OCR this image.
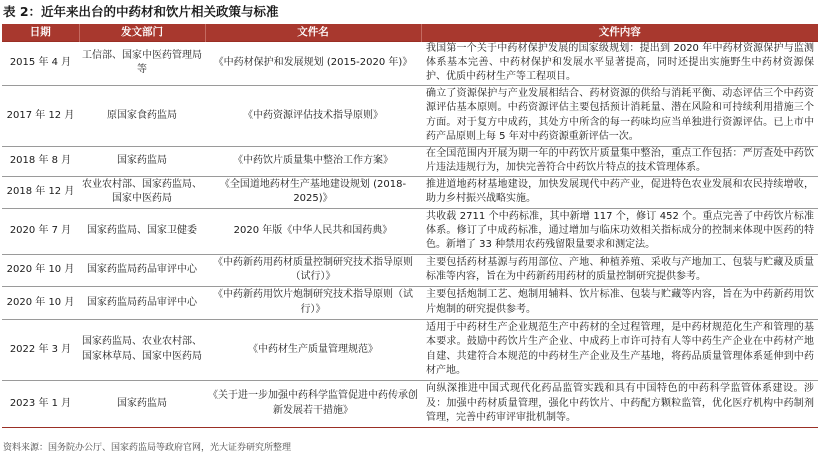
表 2：近年来出台的中药材和饮片相关政策与标准
日期	发文部门	文件名	文件内容
2015 年 4 月	工信部、国家中医药管理局等	《中药材保护和发展规划 (2015-2020 年)》	我国第一个关于中药材保护发展的国家级规划：提出到 2020 年中药材资源保护与监测体系基本完善、中药材保护和发展水平显著提高，同时还提出实施野生中药材资源保护、优质中药材生产等工程项目。
2017 年 12 月	原国家食药监局	《中药资源评估技术指导原则》	确立了资源保护与产业发展相结合、药材资源的供给与消耗平衡、动态评估三个中药资源评估基本原则。中药资源评估主要包括预计消耗量、潜在风险和可持续利用措施三个方面。对于复方中成药，其处方中所含的每一药味均应当单独进行资源评估。已上市中药产品原则上每 5 年对中药资源重新评估一次。
2018 年 8 月	国家药监局	《中药饮片质量集中整治工作方案》	在全国范围内开展为期一年的中药饮片质量集中整治，重点工作包括：严厉查处中药饮片违法违规行为，加快完善符合中药饮片特点的技术管理体系。
2018 年 12 月	农业农村部、国家药监局、国家中医药局	《全国道地药材生产基地建设规划 (2018-2025)》	推进道地药材基地建设，加快发展现代中药产业，促进特色农业发展和农民持续增收，助力乡村振兴战略实施。
2020 年 7 月	国家药监局、国家卫健委	2020 年版《中华人民共和国药典》	共收载 2711 个中药标准，其中新增 117 个，修订 452 个。重点完善了中药饮片标准体系。修订了中成药标准，通过增加与临床功效相关指标成分的控制来体现中医药的特色。新增了 33 种禁用农药残留限量要求和测定法。
2020 年 10 月	国家药监局药品审评中心	《中药新药用药材质量控制研究技术指导原则（试行）》	主要包括药材基源与药用部位、产地、种植养殖、采收与产地加工、包装与贮藏及质量标准等内容，旨在为中药新药用药材的质量控制研究提供参考。
2020 年 10 月	国家药监局药品审评中心	《中药新药用饮片炮制研究技术指导原则（试行）》	主要包括炮制工艺、炮制用辅料、饮片标准、包装与贮藏等内容，旨在为中药新药用饮片炮制的研究提供参考。
2022 年 3 月	国家药监局、农业农村部、国家林草局、国家中医药局	《中药材生产质量管理规范》	适用于中药材生产企业规范生产中药材的全过程管理，是中药材规范化生产和管理的基本要求。鼓励中药饮片生产企业、中成药上市许可持有人等中药生产企业在中药材产地自建、共建符合本规范的中药材生产企业及生产基地，将药品质量管理体系延伸到中药材产地。
2023 年 1 月	国家药监局	《关于进一步加强中药科学监管促进中药传承创新发展若干措施》	向纵深推进中国式现代化药品监管实践和具有中国特色的中药科学监管体系建设。涉及：加强中药材质量管理，强化中药饮片、中药配方颗粒监管，优化医疗机构中药制剂管理，完善中药审评审批机制等。
资料来源：国务院办公厅、国家药监局等政府官网，光大证券研究所整理
